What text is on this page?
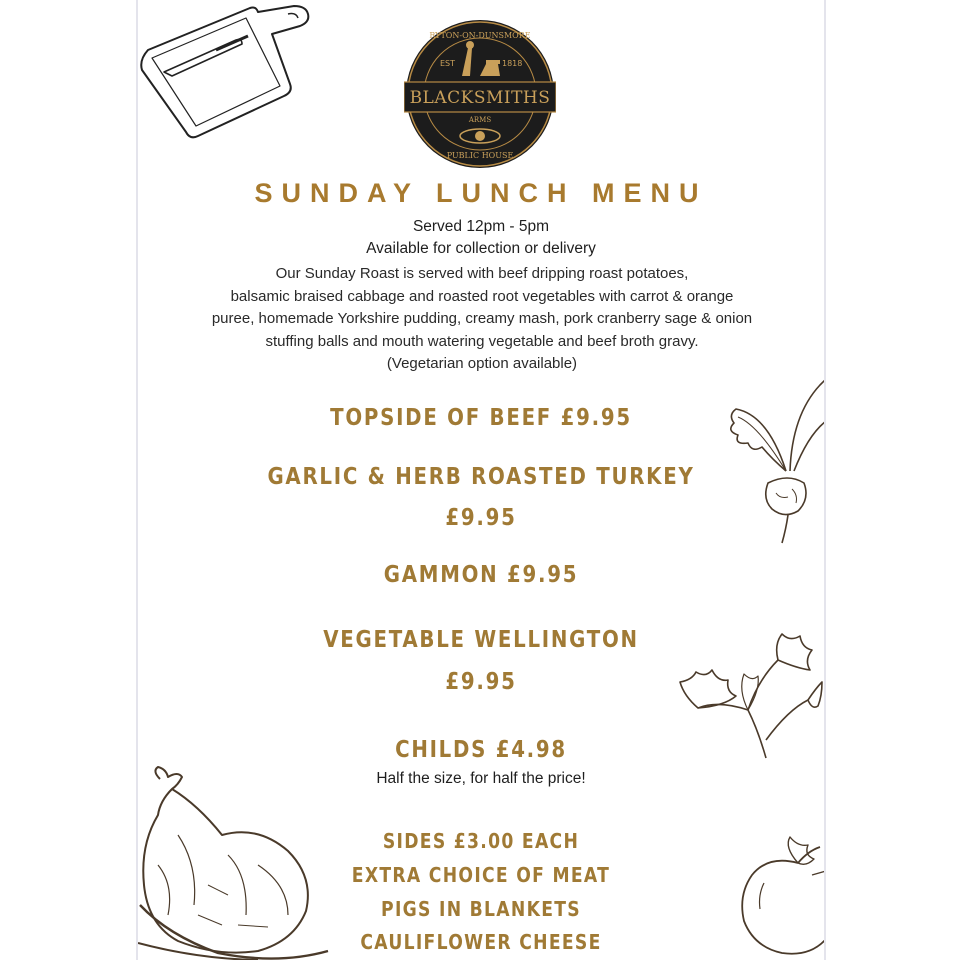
BLACKSMITHS
EST	1818
RYTON-ON-DUNSMORE
ARMS
PUBLIC HOUSE
SUNDAY LUNCH MENU
Served 12pm - 5pm
Available for collection or delivery
Our Sunday Roast is served with beef dripping roast potatoes,
balsamic braised cabbage and roasted root vegetables with carrot & orange
puree, homemade Yorkshire pudding, creamy mash, pork cranberry sage & onion
stuffing balls and mouth watering vegetable and beef broth gravy.
(Vegetarian option available)
TOPSIDE OF BEEF £9.95
GARLIC & HERB ROASTED TURKEY
£9.95
GAMMON £9.95
VEGETABLE WELLINGTON
£9.95
CHILDS £4.98
Half the size, for half the price!
SIDES £3.00 EACH
EXTRA CHOICE OF MEAT
PIGS IN BLANKETS
CAULIFLOWER CHEESE
